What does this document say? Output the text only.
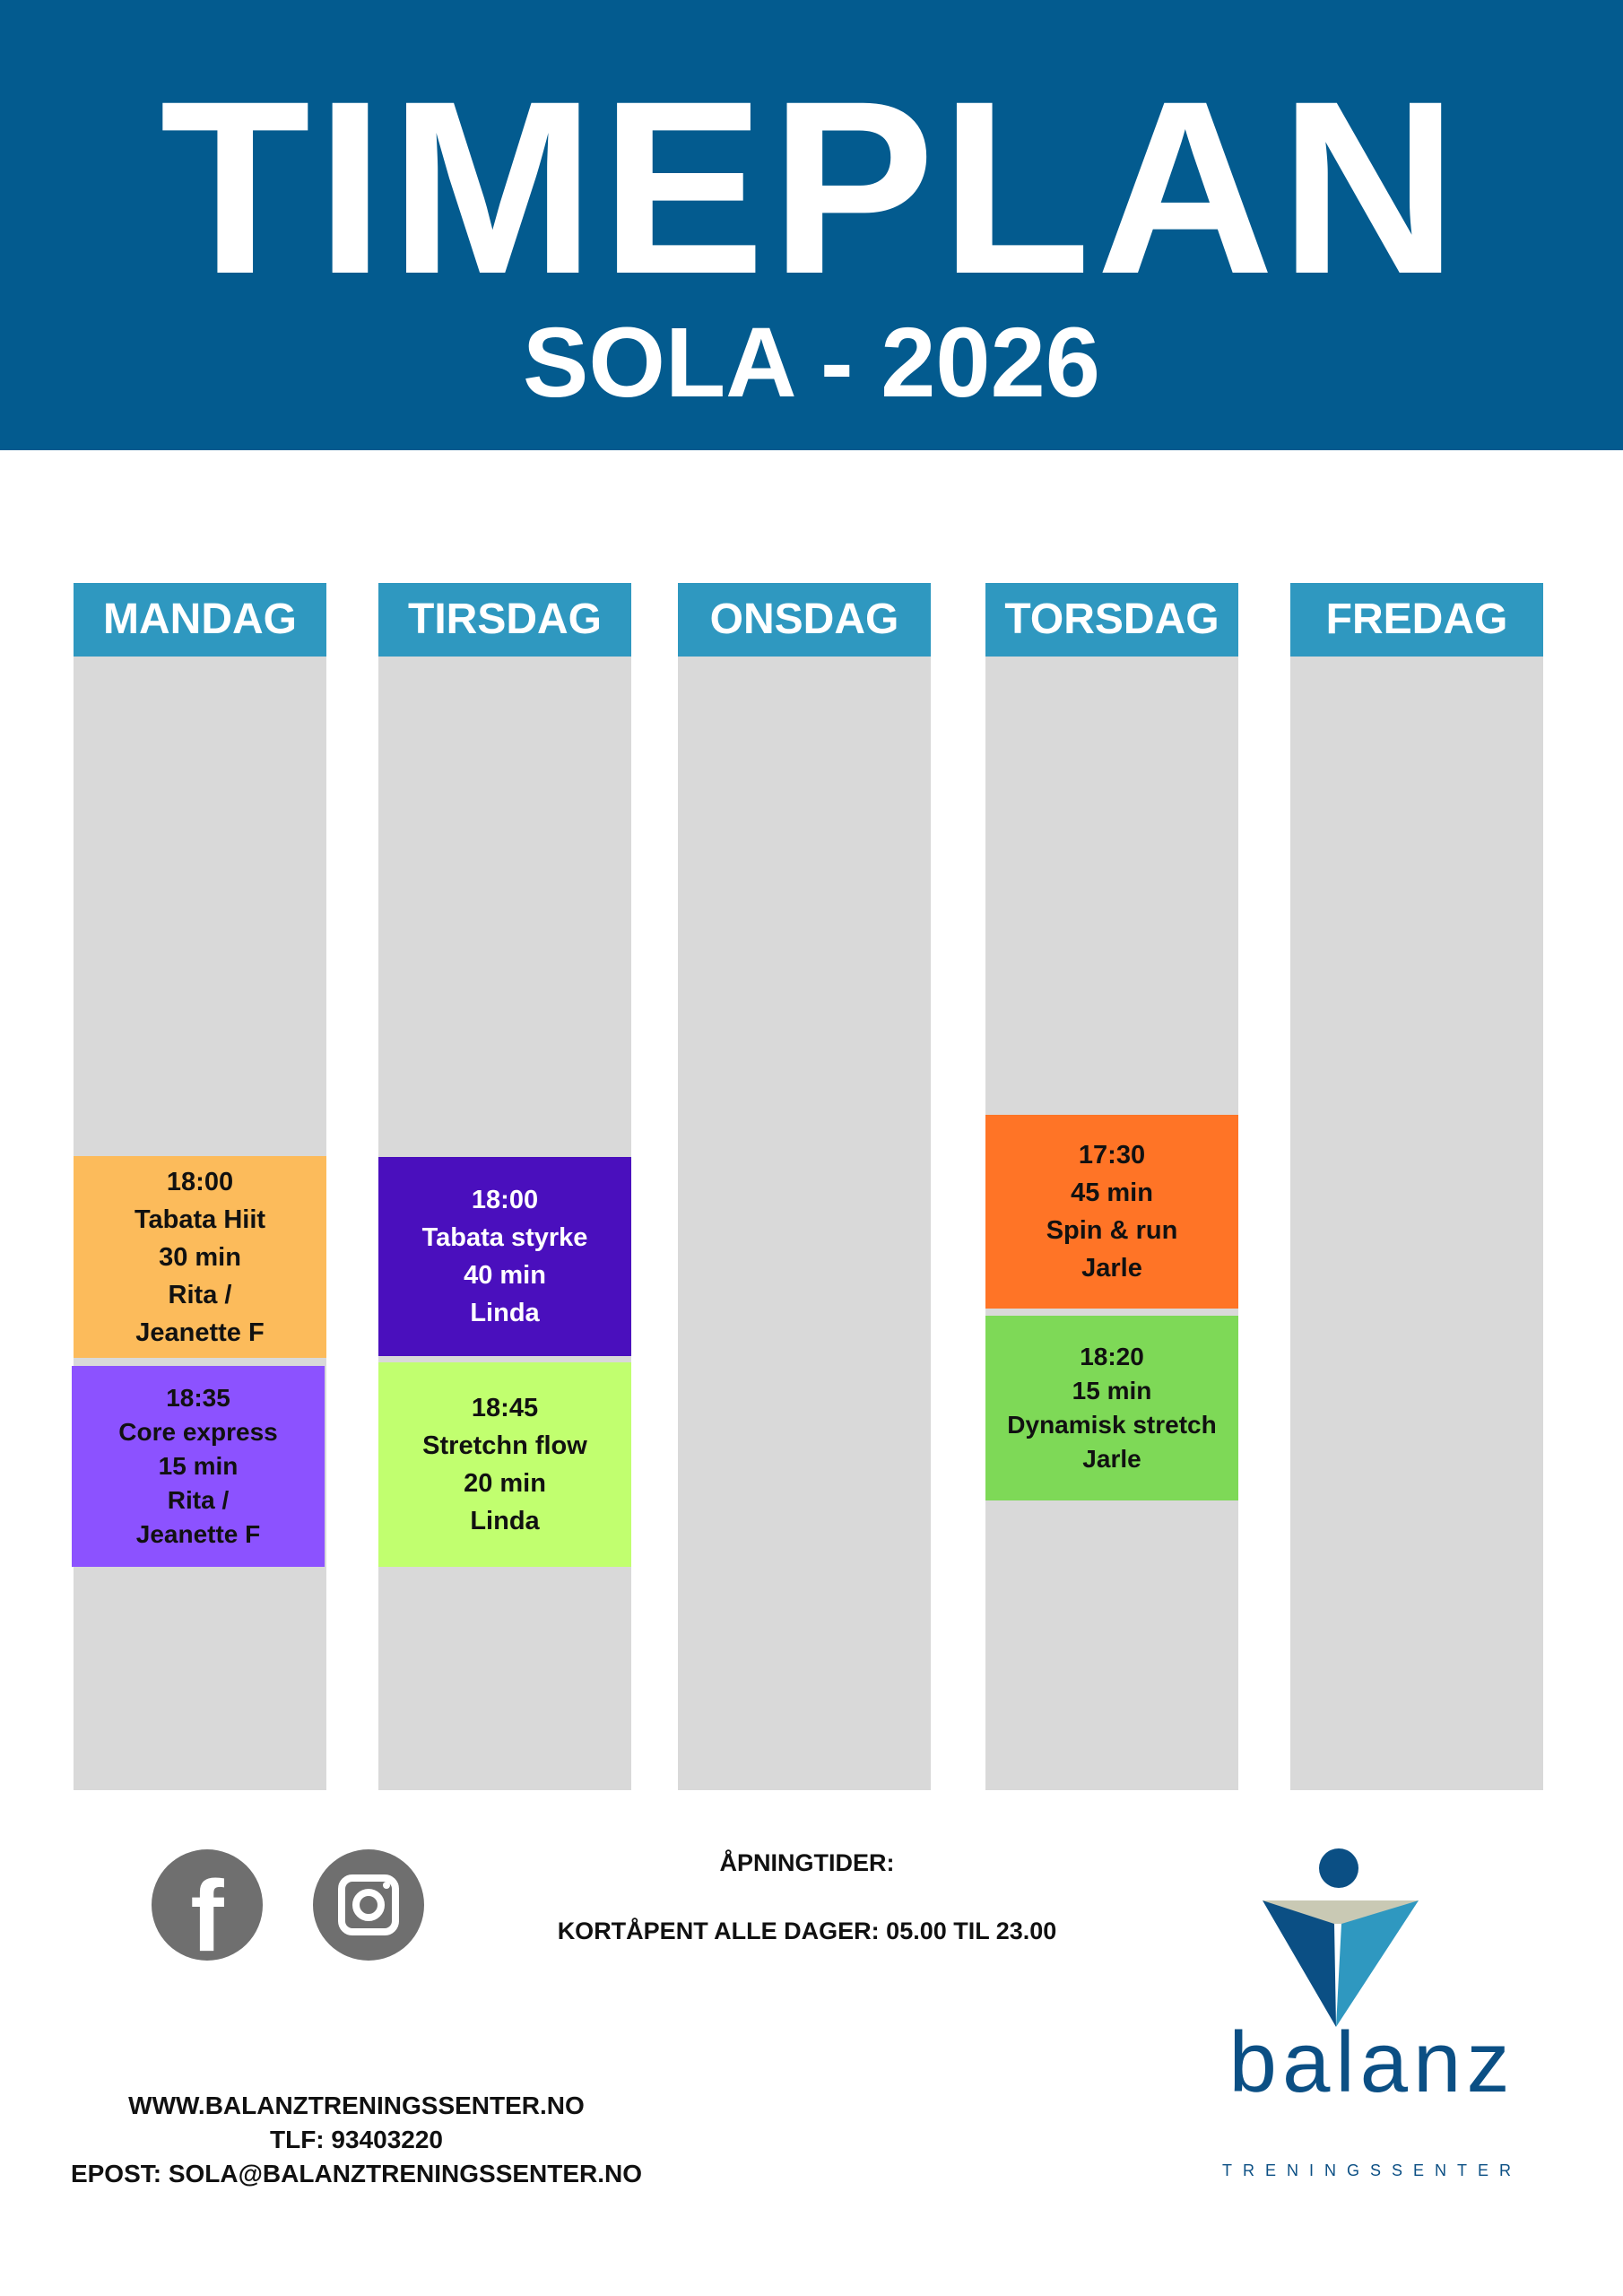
TIMEPLAN
SOLA - 2026
MANDAG
18:00
Tabata Hiit
30 min
Rita /
Jeanette F
18:35
Core express
15 min
Rita /
Jeanette F
TIRSDAG
18:00
Tabata styrke
40 min
Linda
18:45
Stretchn flow
20 min
Linda
ONSDAG	TORSDAG
17:30
45 min
Spin & run
Jarle
18:20
15 min
Dynamisk stretch
Jarle
FREDAG
f	ÅPNINGTIDER:
KORTÅPENT ALLE DAGER: 05.00 TIL 23.00
WWW.BALANZTRENINGSSENTER.NO
TLF: 93403220
EPOST: SOLA@BALANZTRENINGSSENTER.NO
balanz
TRENINGSSENTER
